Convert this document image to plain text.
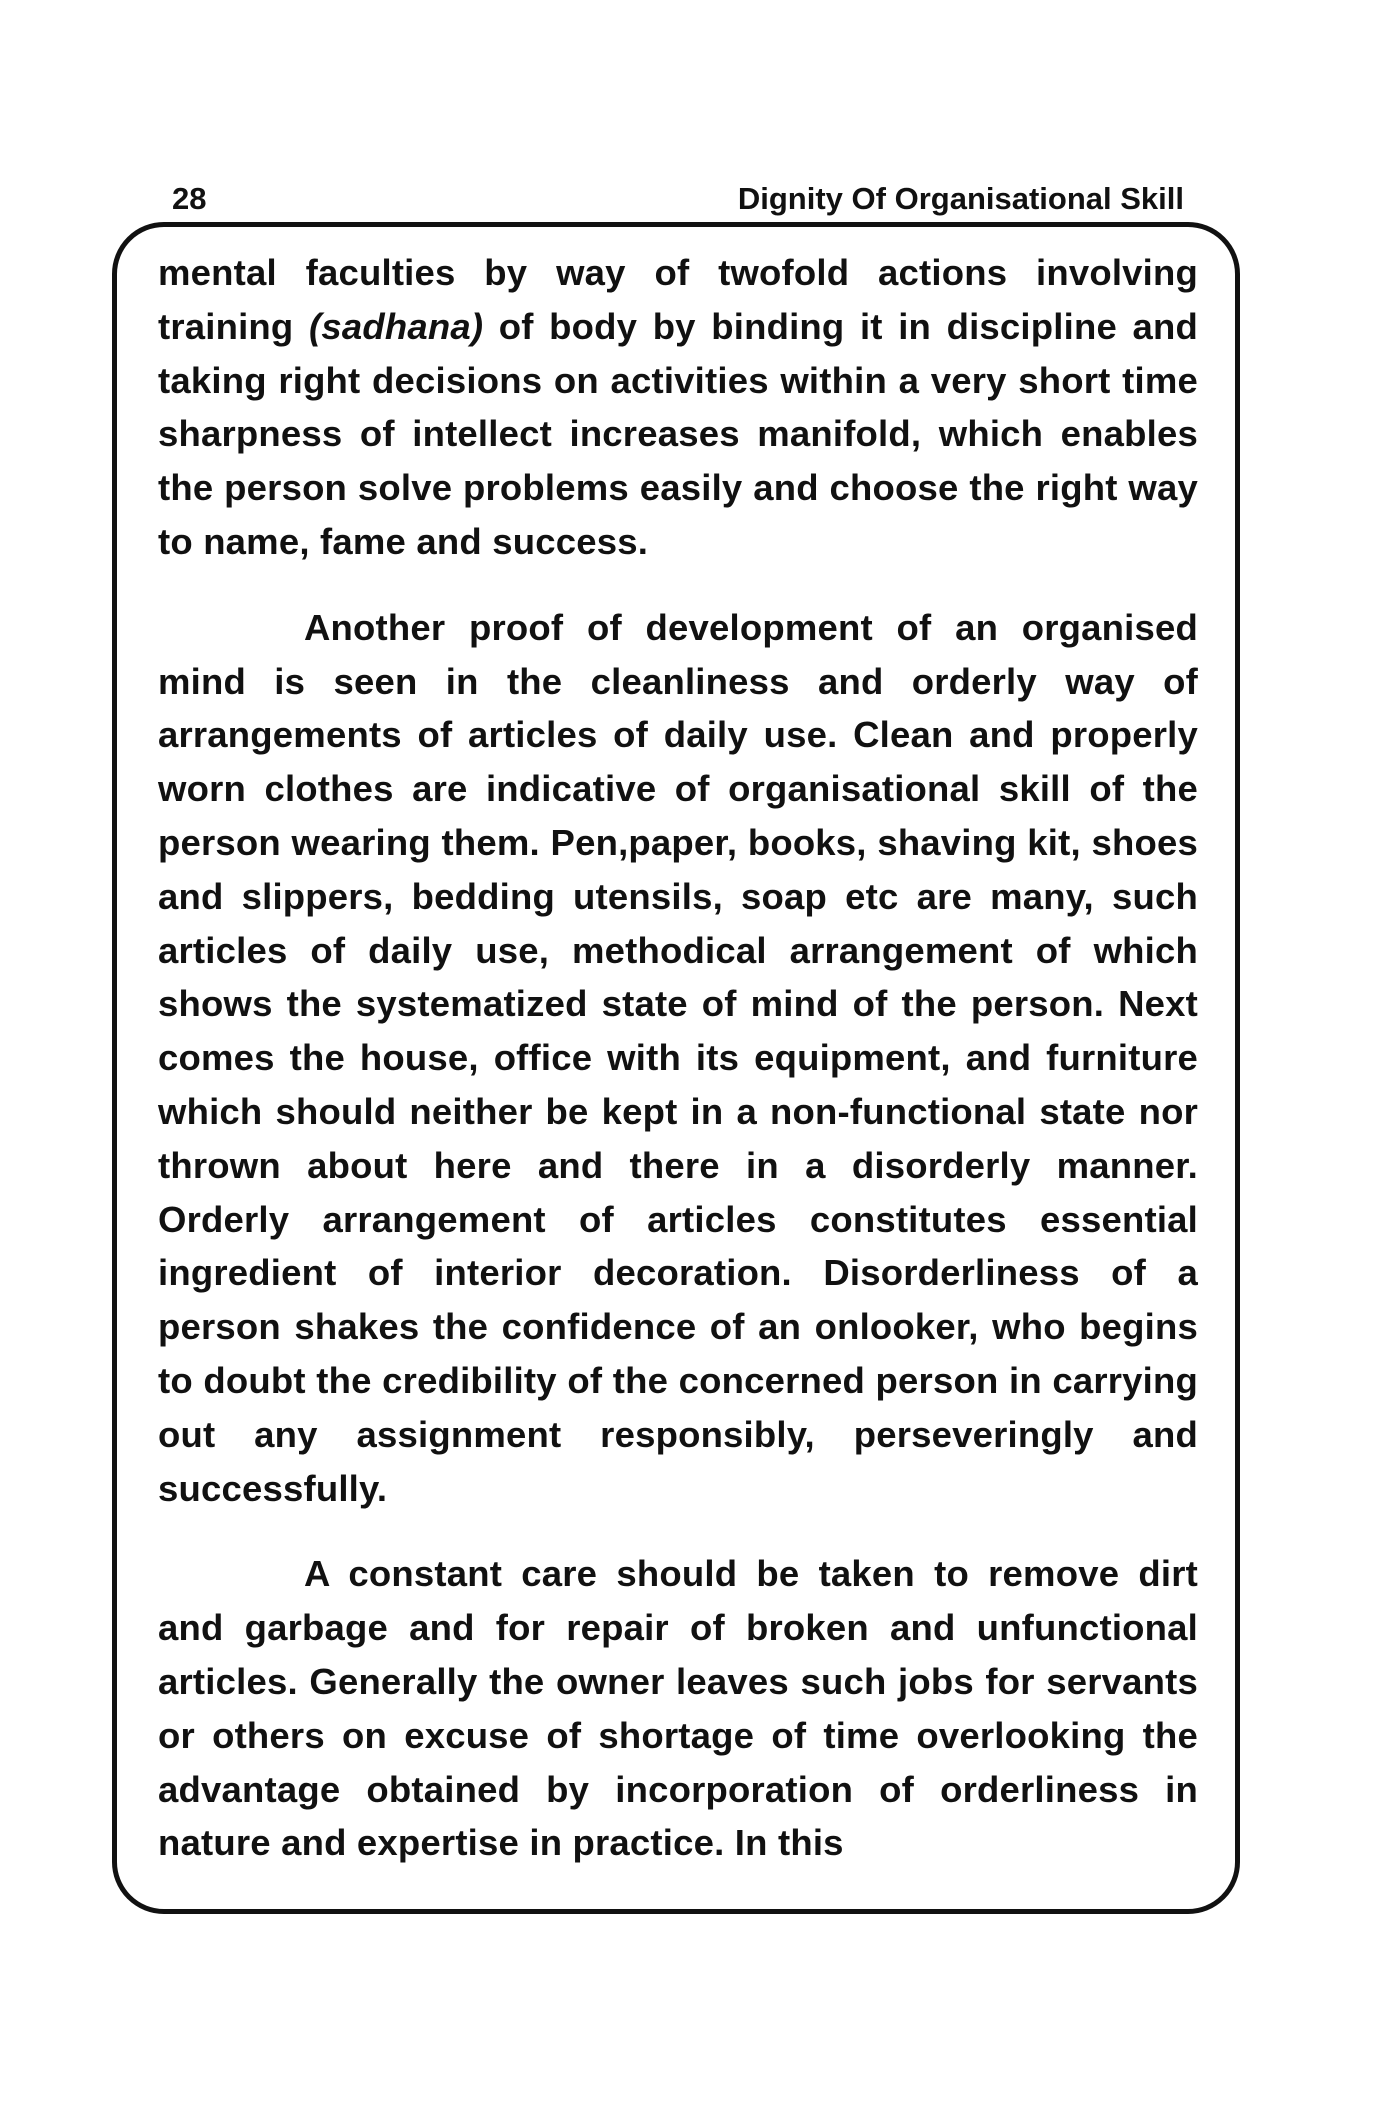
28	Dignity Of Organisational Skill

mental faculties by way of twofold actions involving training (sadhana) of body by binding it in discipline and taking right decisions on activities within a very short time sharpness of intellect increases manifold, which enables the person solve problems easily and choose the right way to name, fame and success.

Another proof of development of an organised mind is seen in the cleanliness and orderly way of arrangements of articles of daily use. Clean and properly worn clothes are indicative of organisational skill of the person wearing them. Pen,paper, books, shaving kit, shoes and slippers, bedding utensils, soap etc are many, such articles of daily use, methodical arrangement of which shows the systematized state of mind of the person. Next comes the house, office with its equipment, and furniture which should neither be kept in a non-functional state nor thrown about here and there in a disorderly manner. Orderly arrangement of articles constitutes essential ingredient of interior decoration. Disorderliness of a person shakes the confidence of an onlooker, who begins to doubt the credibility of the concerned person in carrying out any assignment responsibly, perseveringly and successfully.

A constant care should be taken to remove dirt and garbage and for repair of broken and unfunctional articles. Generally the owner leaves such jobs for servants or others on excuse of shortage of time overlooking the advantage obtained by incorporation of orderliness in nature and expertise in practice. In this
